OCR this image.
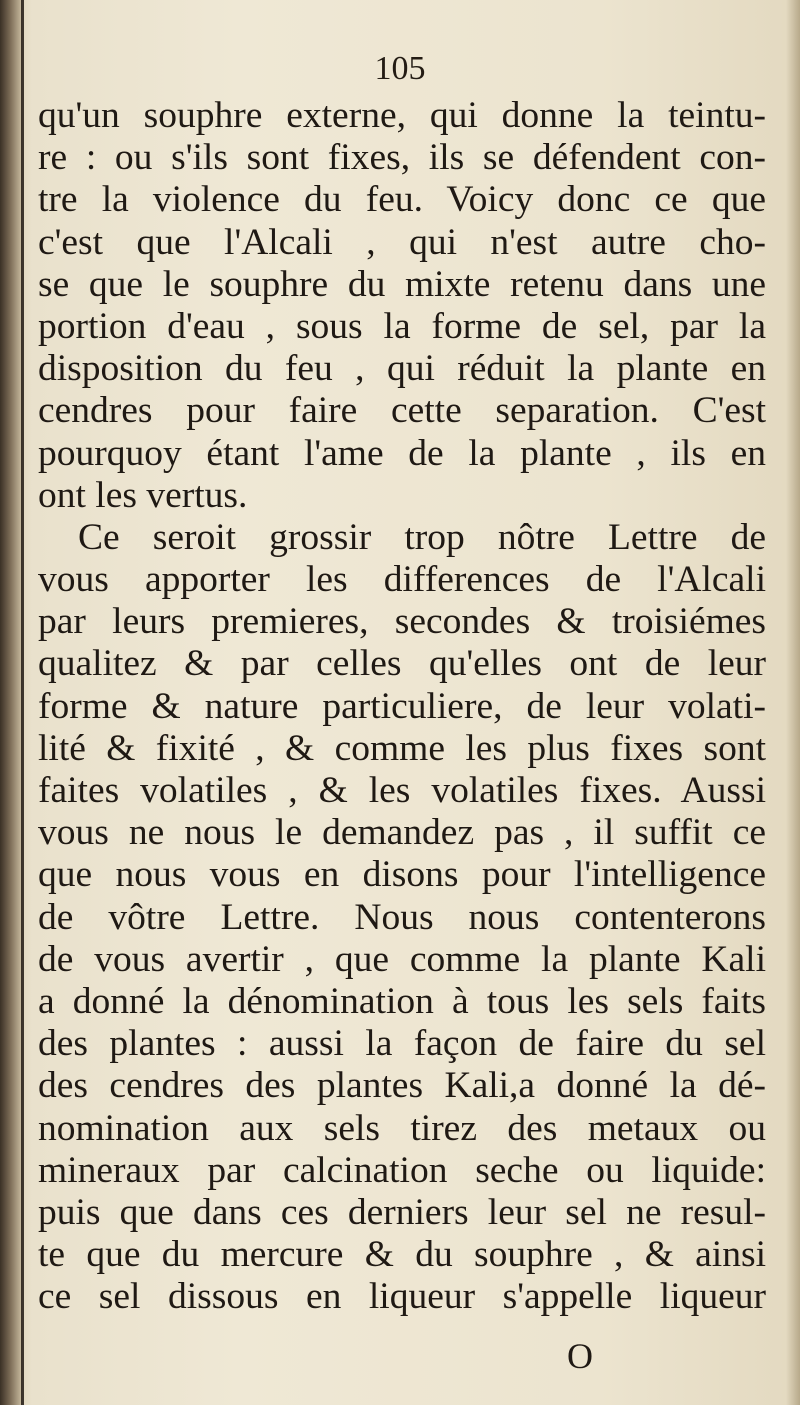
105
qu'un souphre externe, qui donne la teintu-
re : ou s'ils sont fixes, ils se défendent con-
tre la violence du feu. Voicy donc ce que
c'est que l'Alcali , qui n'est autre cho-
se que le souphre du mixte retenu dans une
portion d'eau , sous la forme de sel, par la
disposition du feu , qui réduit la plante en
cendres pour faire cette separation. C'est
pourquoy étant l'ame de la plante , ils en
ont les vertus.
Ce seroit grossir trop nôtre Lettre de
vous apporter les differences de l'Alcali
par leurs premieres, secondes & troisiémes
qualitez & par celles qu'elles ont de leur
forme & nature particuliere, de leur volati-
lité & fixité , & comme les plus fixes sont
faites volatiles , & les volatiles fixes. Aussi
vous ne nous le demandez pas , il suffit ce
que nous vous en disons pour l'intelligence
de vôtre Lettre. Nous nous contenterons
de vous avertir , que comme la plante Kali
a donné la dénomination à tous les sels faits
des plantes : aussi la façon de faire du sel
des cendres des plantes Kali,a donné la dé-
nomination aux sels tirez des metaux ou
mineraux par calcination seche ou liquide:
puis que dans ces derniers leur sel ne resul-
te que du mercure & du souphre , & ainsi
ce sel dissous en liqueur s'appelle liqueur
O
